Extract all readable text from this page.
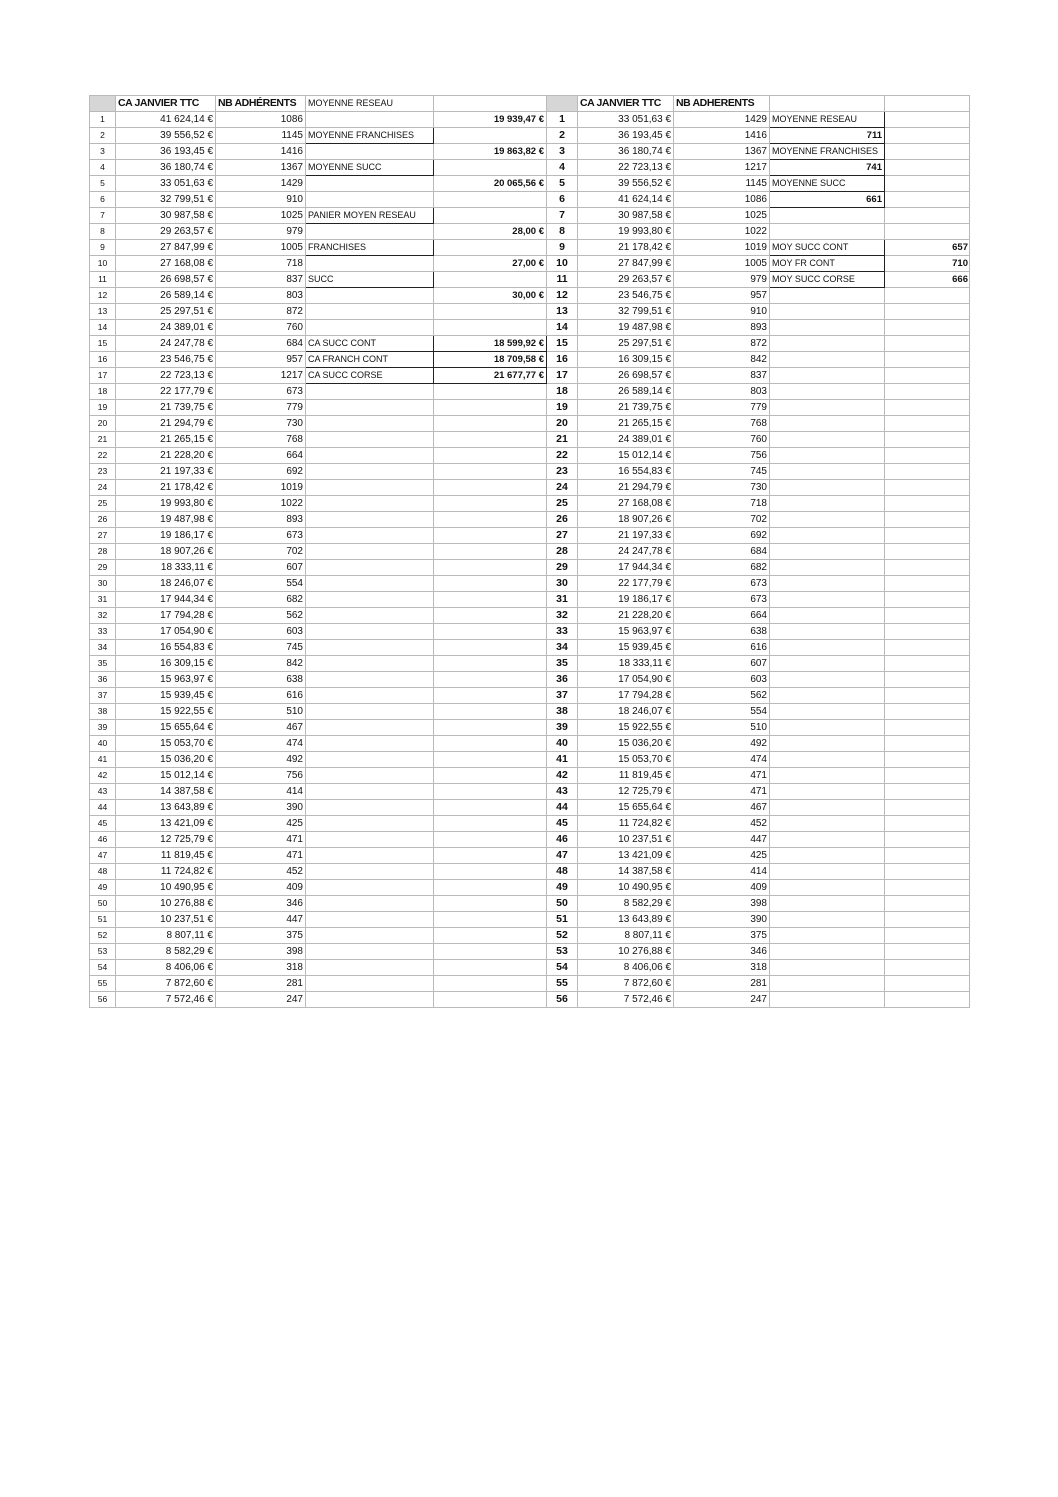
	CA JANVIER TTC	NB ADHÉRENTS	MOYENNE RESEAU			CA JANVIER TTC	NB ADHERENTS		
1	41 624,14 €	1086		19 939,47 €	1	33 051,63 €	1429	MOYENNE RESEAU	
2	39 556,52 €	1145	MOYENNE FRANCHISES		2	36 193,45 €	1416	711	
3	36 193,45 €	1416		19 863,82 €	3	36 180,74 €	1367	MOYENNE FRANCHISES	
4	36 180,74 €	1367	MOYENNE SUCC		4	22 723,13 €	1217	741	
5	33 051,63 €	1429		20 065,56 €	5	39 556,52 €	1145	MOYENNE SUCC	
6	32 799,51 €	910			6	41 624,14 €	1086	661	
7	30 987,58 €	1025	PANIER MOYEN RESEAU		7	30 987,58 €	1025		
8	29 263,57 €	979		28,00 €	8	19 993,80 €	1022		
9	27 847,99 €	1005	FRANCHISES		9	21 178,42 €	1019	MOY SUCC CONT	657
10	27 168,08 €	718		27,00 €	10	27 847,99 €	1005	MOY FR CONT	710
11	26 698,57 €	837	SUCC		11	29 263,57 €	979	MOY SUCC CORSE	666
12	26 589,14 €	803		30,00 €	12	23 546,75 €	957		
13	25 297,51 €	872			13	32 799,51 €	910		
14	24 389,01 €	760			14	19 487,98 €	893		
15	24 247,78 €	684	CA SUCC CONT	18 599,92 €	15	25 297,51 €	872		
16	23 546,75 €	957	CA FRANCH CONT	18 709,58 €	16	16 309,15 €	842		
17	22 723,13 €	1217	CA SUCC CORSE	21 677,77 €	17	26 698,57 €	837		
18	22 177,79 €	673			18	26 589,14 €	803		
19	21 739,75 €	779			19	21 739,75 €	779		
20	21 294,79 €	730			20	21 265,15 €	768		
21	21 265,15 €	768			21	24 389,01 €	760		
22	21 228,20 €	664			22	15 012,14 €	756		
23	21 197,33 €	692			23	16 554,83 €	745		
24	21 178,42 €	1019			24	21 294,79 €	730		
25	19 993,80 €	1022			25	27 168,08 €	718		
26	19 487,98 €	893			26	18 907,26 €	702		
27	19 186,17 €	673			27	21 197,33 €	692		
28	18 907,26 €	702			28	24 247,78 €	684		
29	18 333,11 €	607			29	17 944,34 €	682		
30	18 246,07 €	554			30	22 177,79 €	673		
31	17 944,34 €	682			31	19 186,17 €	673		
32	17 794,28 €	562			32	21 228,20 €	664		
33	17 054,90 €	603			33	15 963,97 €	638		
34	16 554,83 €	745			34	15 939,45 €	616		
35	16 309,15 €	842			35	18 333,11 €	607		
36	15 963,97 €	638			36	17 054,90 €	603		
37	15 939,45 €	616			37	17 794,28 €	562		
38	15 922,55 €	510			38	18 246,07 €	554		
39	15 655,64 €	467			39	15 922,55 €	510		
40	15 053,70 €	474			40	15 036,20 €	492		
41	15 036,20 €	492			41	15 053,70 €	474		
42	15 012,14 €	756			42	11 819,45 €	471		
43	14 387,58 €	414			43	12 725,79 €	471		
44	13 643,89 €	390			44	15 655,64 €	467		
45	13 421,09 €	425			45	11 724,82 €	452		
46	12 725,79 €	471			46	10 237,51 €	447		
47	11 819,45 €	471			47	13 421,09 €	425		
48	11 724,82 €	452			48	14 387,58 €	414		
49	10 490,95 €	409			49	10 490,95 €	409		
50	10 276,88 €	346			50	8 582,29 €	398		
51	10 237,51 €	447			51	13 643,89 €	390		
52	8 807,11 €	375			52	8 807,11 €	375		
53	8 582,29 €	398			53	10 276,88 €	346		
54	8 406,06 €	318			54	8 406,06 €	318		
55	7 872,60 €	281			55	7 872,60 €	281		
56	7 572,46 €	247			56	7 572,46 €	247		
